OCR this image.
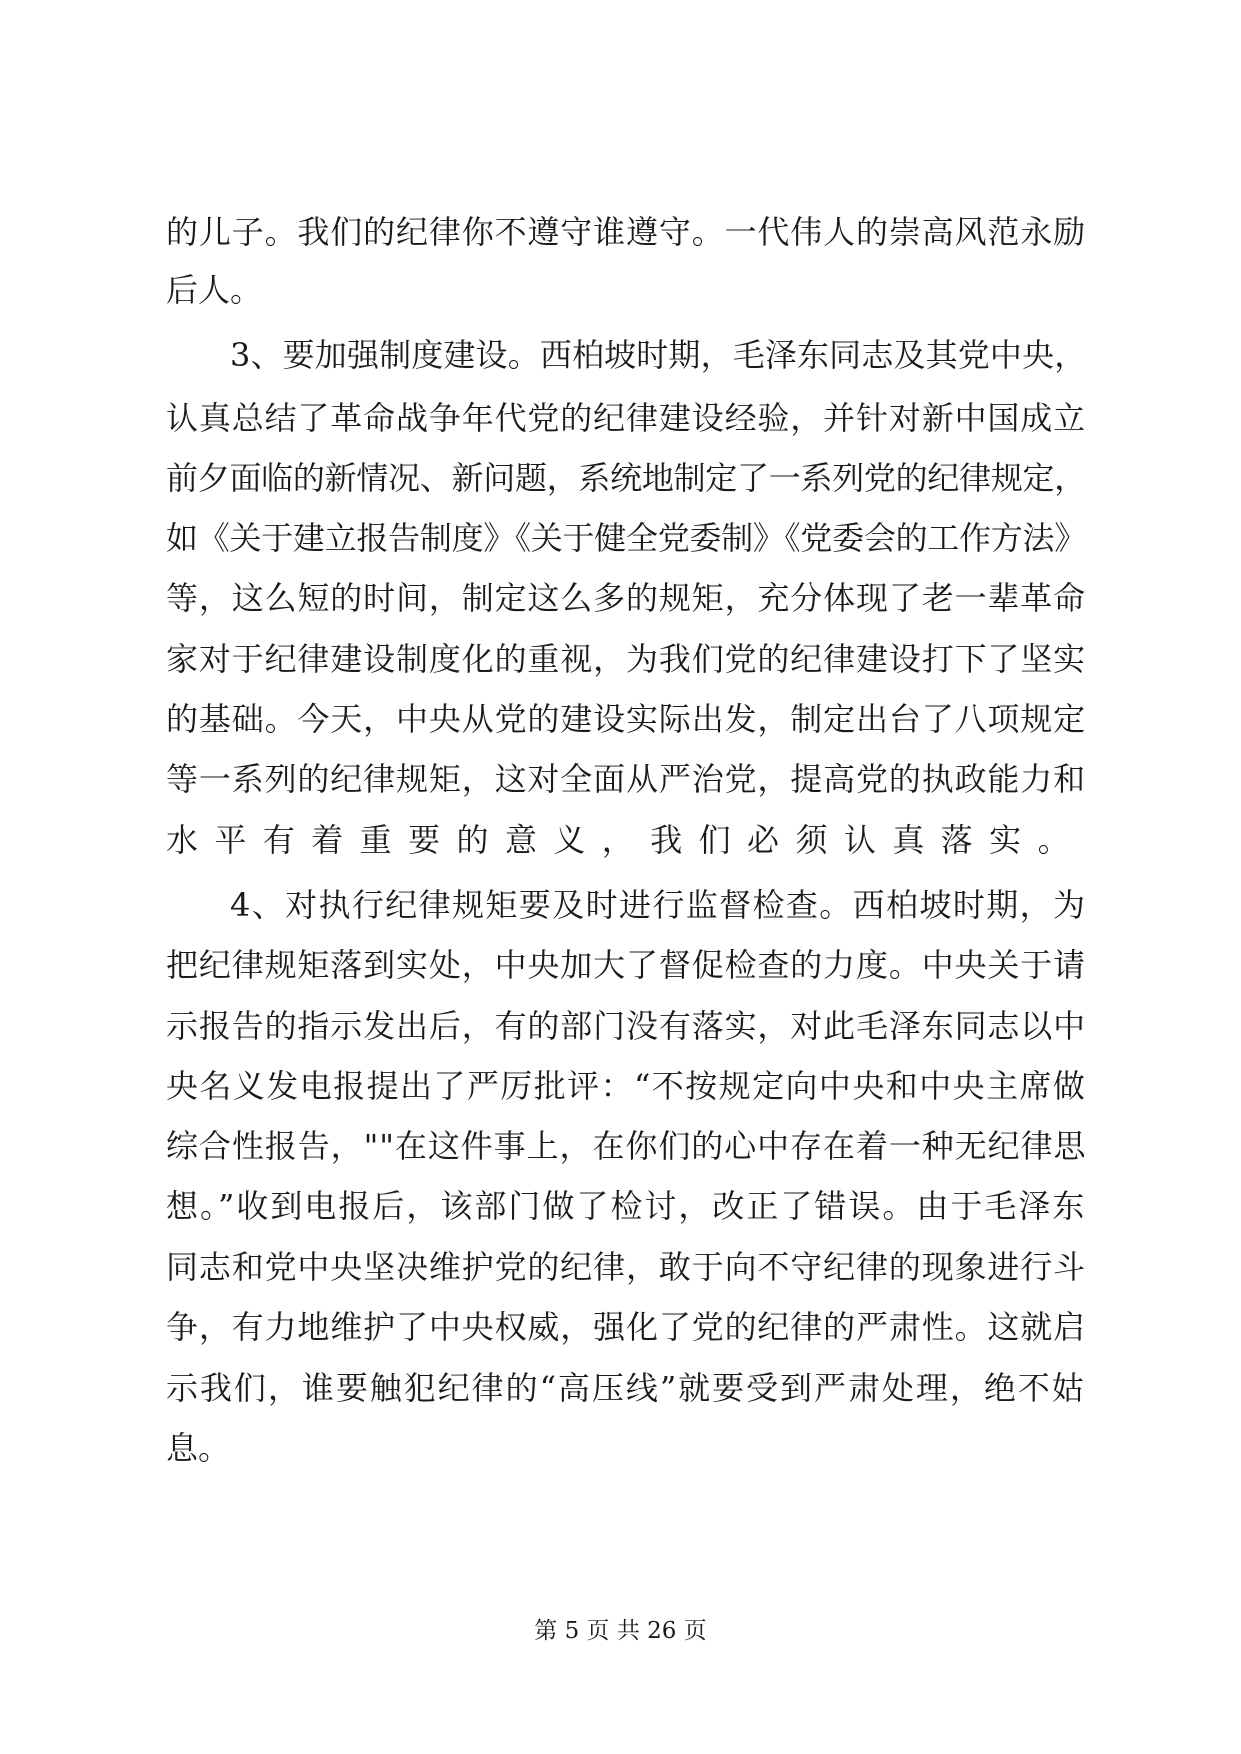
的儿子。我们的纪律你不遵守谁遵守。一代伟人的崇高风范永励
后人。
3、要加强制度建设。西柏坡时期，毛泽东同志及其党中央，
认真总结了革命战争年代党的纪律建设经验，并针对新中国成立
前夕面临的新情况、新问题，系统地制定了一系列党的纪律规定，
如《关于建立报告制度》《关于健全党委制》《党委会的工作方法》
等，这么短的时间，制定这么多的规矩，充分体现了老一辈革命
家对于纪律建设制度化的重视，为我们党的纪律建设打下了坚实
的基础。今天，中央从党的建设实际出发，制定出台了八项规定
等一系列的纪律规矩，这对全面从严治党，提高党的执政能力和
水平有着重要的意义，我们必须认真落实。
4、对执行纪律规矩要及时进行监督检查。西柏坡时期，为
把纪律规矩落到实处，中央加大了督促检查的力度。中央关于请
示报告的指示发出后，有的部门没有落实，对此毛泽东同志以中
央名义发电报提出了严厉批评：“不按规定向中央和中央主席做
综合性报告，""在这件事上，在你们的心中存在着一种无纪律思
想。”收到电报后，该部门做了检讨，改正了错误。由于毛泽东
同志和党中央坚决维护党的纪律，敢于向不守纪律的现象进行斗
争，有力地维护了中央权威，强化了党的纪律的严肃性。这就启
示我们，谁要触犯纪律的“高压线”就要受到严肃处理，绝不姑
息。
第 5 页 共 26 页
